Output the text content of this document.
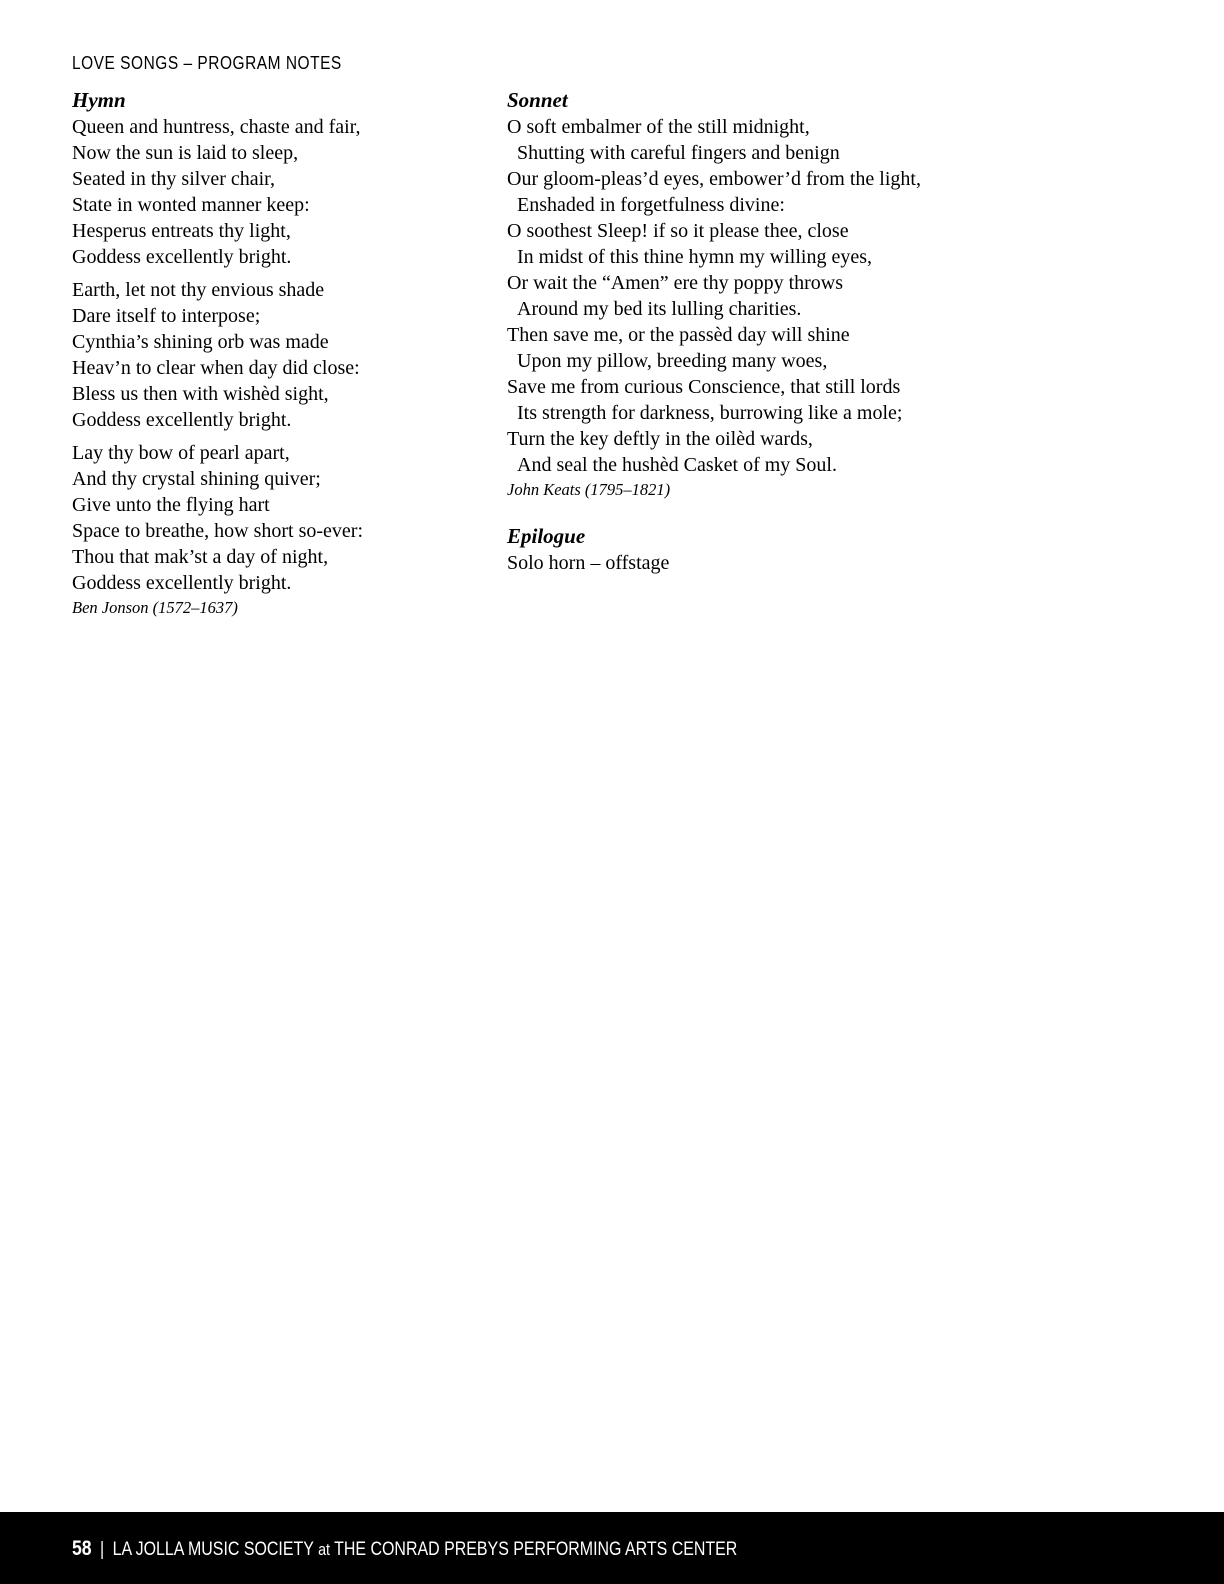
LOVE SONGS – PROGRAM NOTES
Hymn
Queen and huntress, chaste and fair,
Now the sun is laid to sleep,
Seated in thy silver chair,
State in wonted manner keep:
Hesperus entreats thy light,
Goddess excellently bright.
Earth, let not thy envious shade
Dare itself to interpose;
Cynthia’s shining orb was made
Heav’n to clear when day did close:
Bless us then with wishèd sight,
Goddess excellently bright.
Lay thy bow of pearl apart,
And thy crystal shining quiver;
Give unto the flying hart
Space to breathe, how short so-ever:
Thou that mak’st a day of night,
Goddess excellently bright.
Ben Jonson (1572–1637)
Sonnet
O soft embalmer of the still midnight,
Shutting with careful fingers and benign
Our gloom-pleas’d eyes, embower’d from the light,
Enshaded in forgetfulness divine:
O soothest Sleep! if so it please thee, close
In midst of this thine hymn my willing eyes,
Or wait the “Amen” ere thy poppy throws
Around my bed its lulling charities.
Then save me, or the passèd day will shine
Upon my pillow, breeding many woes,
Save me from curious Conscience, that still lords
Its strength for darkness, burrowing like a mole;
Turn the key deftly in the oilèd wards,
And seal the hushèd Casket of my Soul.
John Keats (1795–1821)
Epilogue
Solo horn – offstage
58 | LA JOLLA MUSIC SOCIETY at THE CONRAD PREBYS PERFORMING ARTS CENTER
